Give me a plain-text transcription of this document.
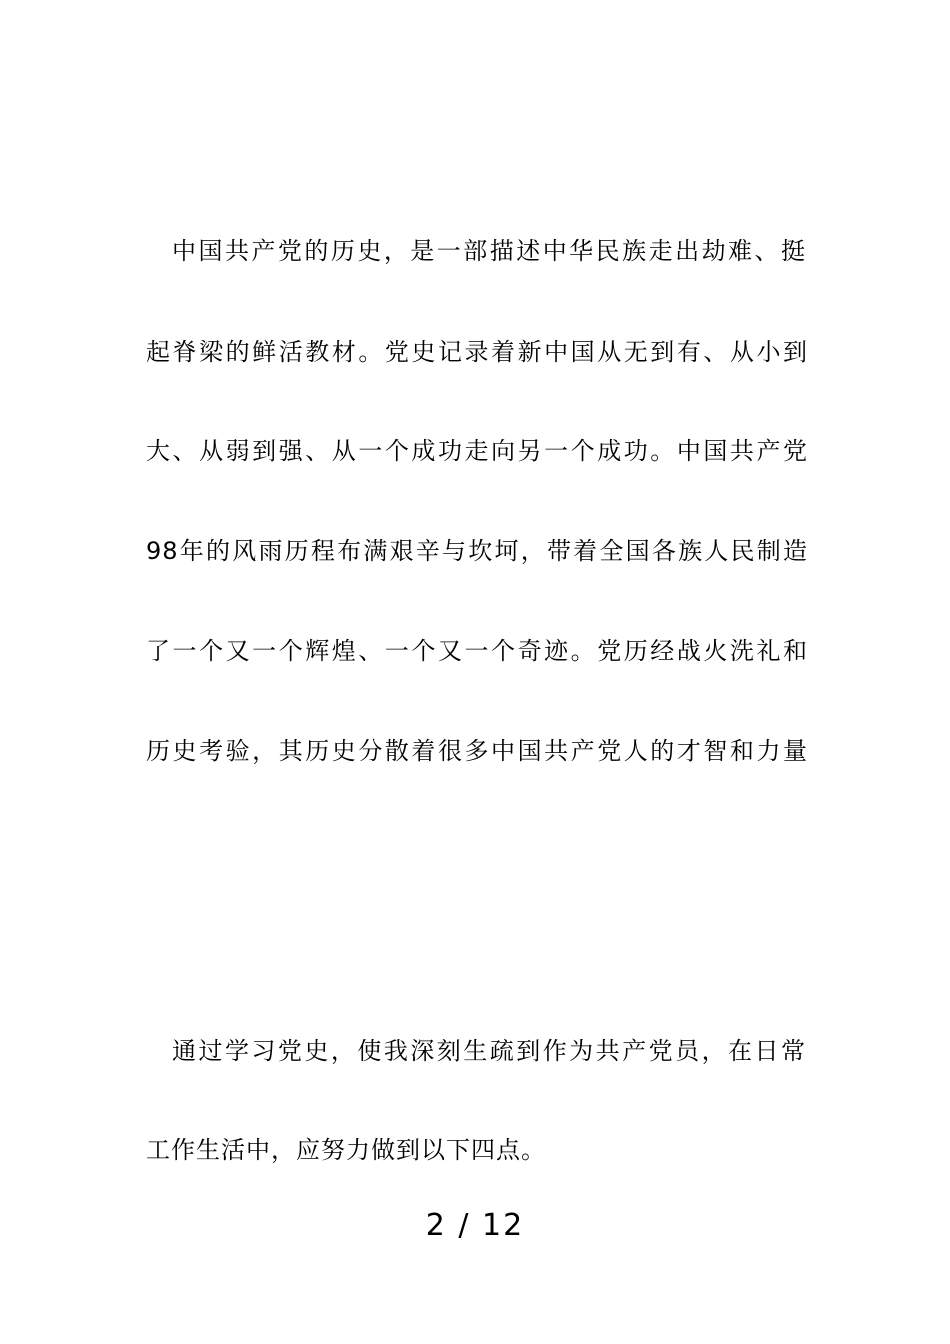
中国共产党的历史，是一部描述中华民族走出劫难、挺
起脊梁的鲜活教材。党史记录着新中国从无到有、从小到
大、从弱到强、从一个成功走向另一个成功。中国共产党
98年的风雨历程布满艰辛与坎坷，带着全国各族人民制造
了一个又一个辉煌、一个又一个奇迹。党历经战火洗礼和
历史考验，其历史分散着很多中国共产党人的才智和力量
通过学习党史，使我深刻生疏到作为共产党员，在日常
工作生活中，应努力做到以下四点。
2 / 12
